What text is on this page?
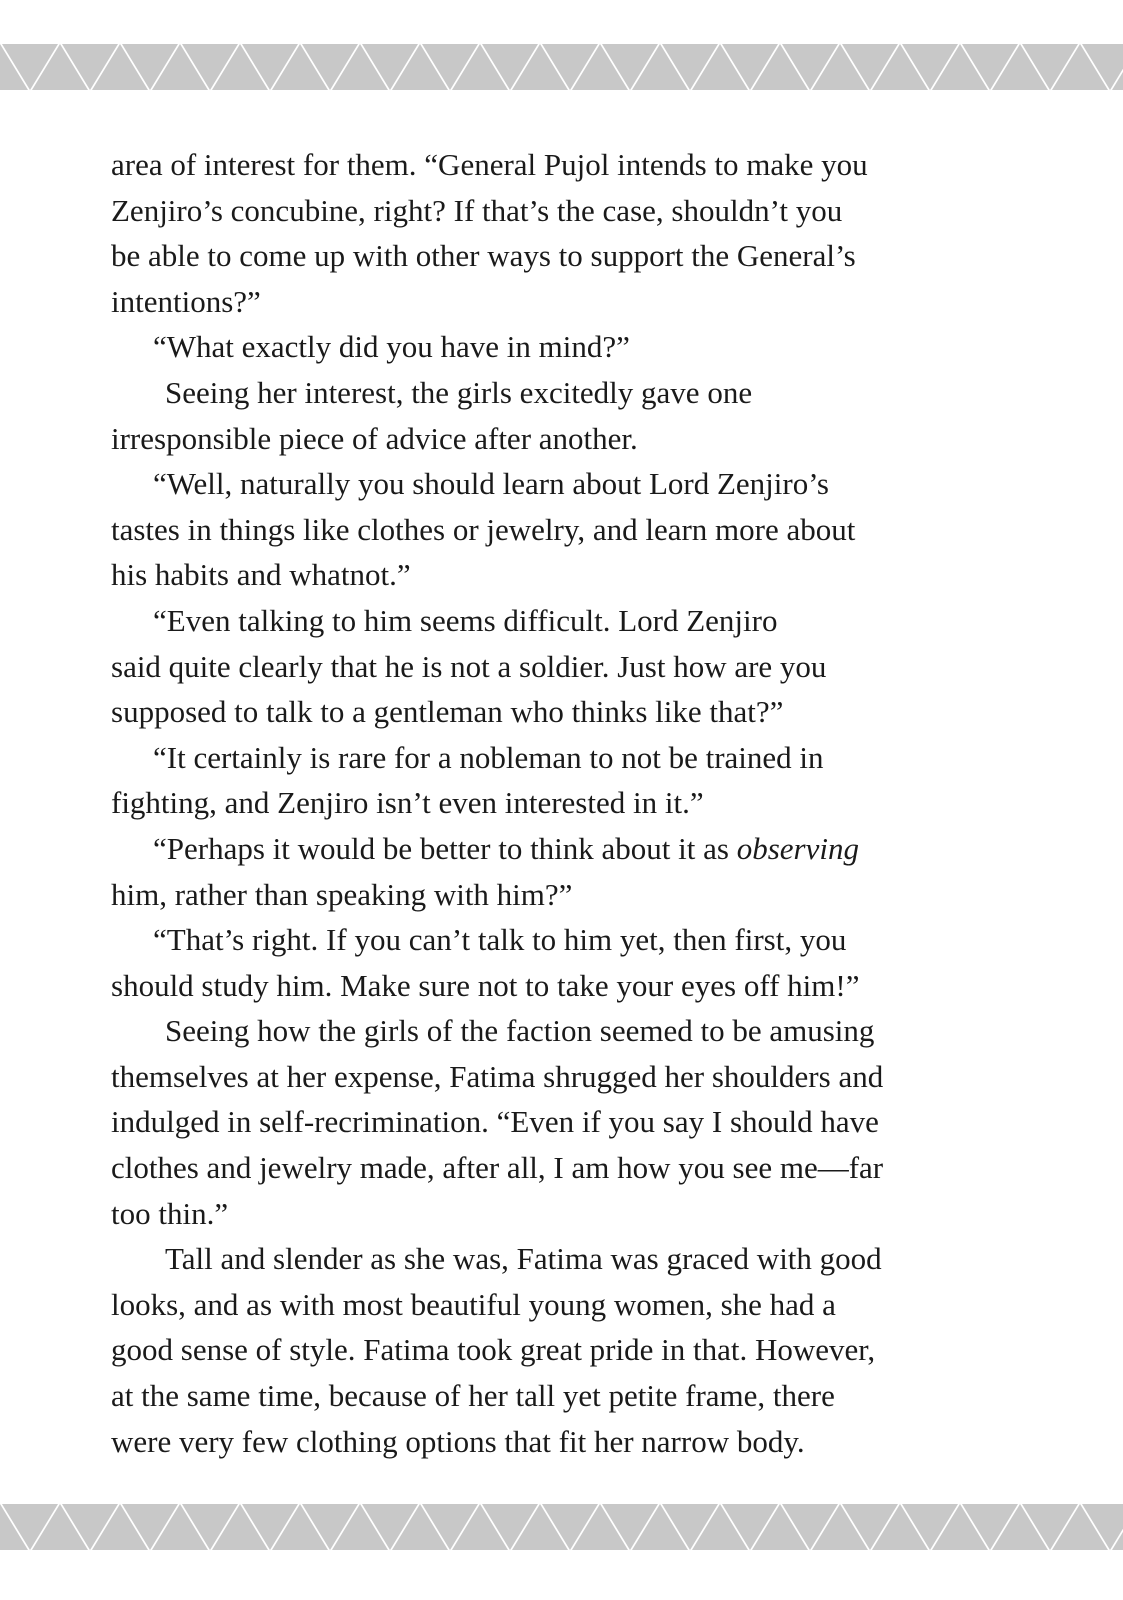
area of interest for them. “General Pujol intends to make you
Zenjiro’s concubine, right? If that’s the case, shouldn’t you
be able to come up with other ways to support the General’s
intentions?”
“What exactly did you have in mind?”
Seeing her interest, the girls excitedly gave one
irresponsible piece of advice after another.
“Well, naturally you should learn about Lord Zenjiro’s
tastes in things like clothes or jewelry, and learn more about
his habits and whatnot.”
“Even talking to him seems difficult. Lord Zenjiro
said quite clearly that he is not a soldier. Just how are you
supposed to talk to a gentleman who thinks like that?”
“It certainly is rare for a nobleman to not be trained in
fighting, and Zenjiro isn’t even interested in it.”
“Perhaps it would be better to think about it as observing
him, rather than speaking with him?”
“That’s right. If you can’t talk to him yet, then first, you
should study him. Make sure not to take your eyes off him!”
Seeing how the girls of the faction seemed to be amusing
themselves at her expense, Fatima shrugged her shoulders and
indulged in self-recrimination. “Even if you say I should have
clothes and jewelry made, after all, I am how you see me—far
too thin.”
Tall and slender as she was, Fatima was graced with good
looks, and as with most beautiful young women, she had a
good sense of style. Fatima took great pride in that. However,
at the same time, because of her tall yet petite frame, there
were very few clothing options that fit her narrow body.
